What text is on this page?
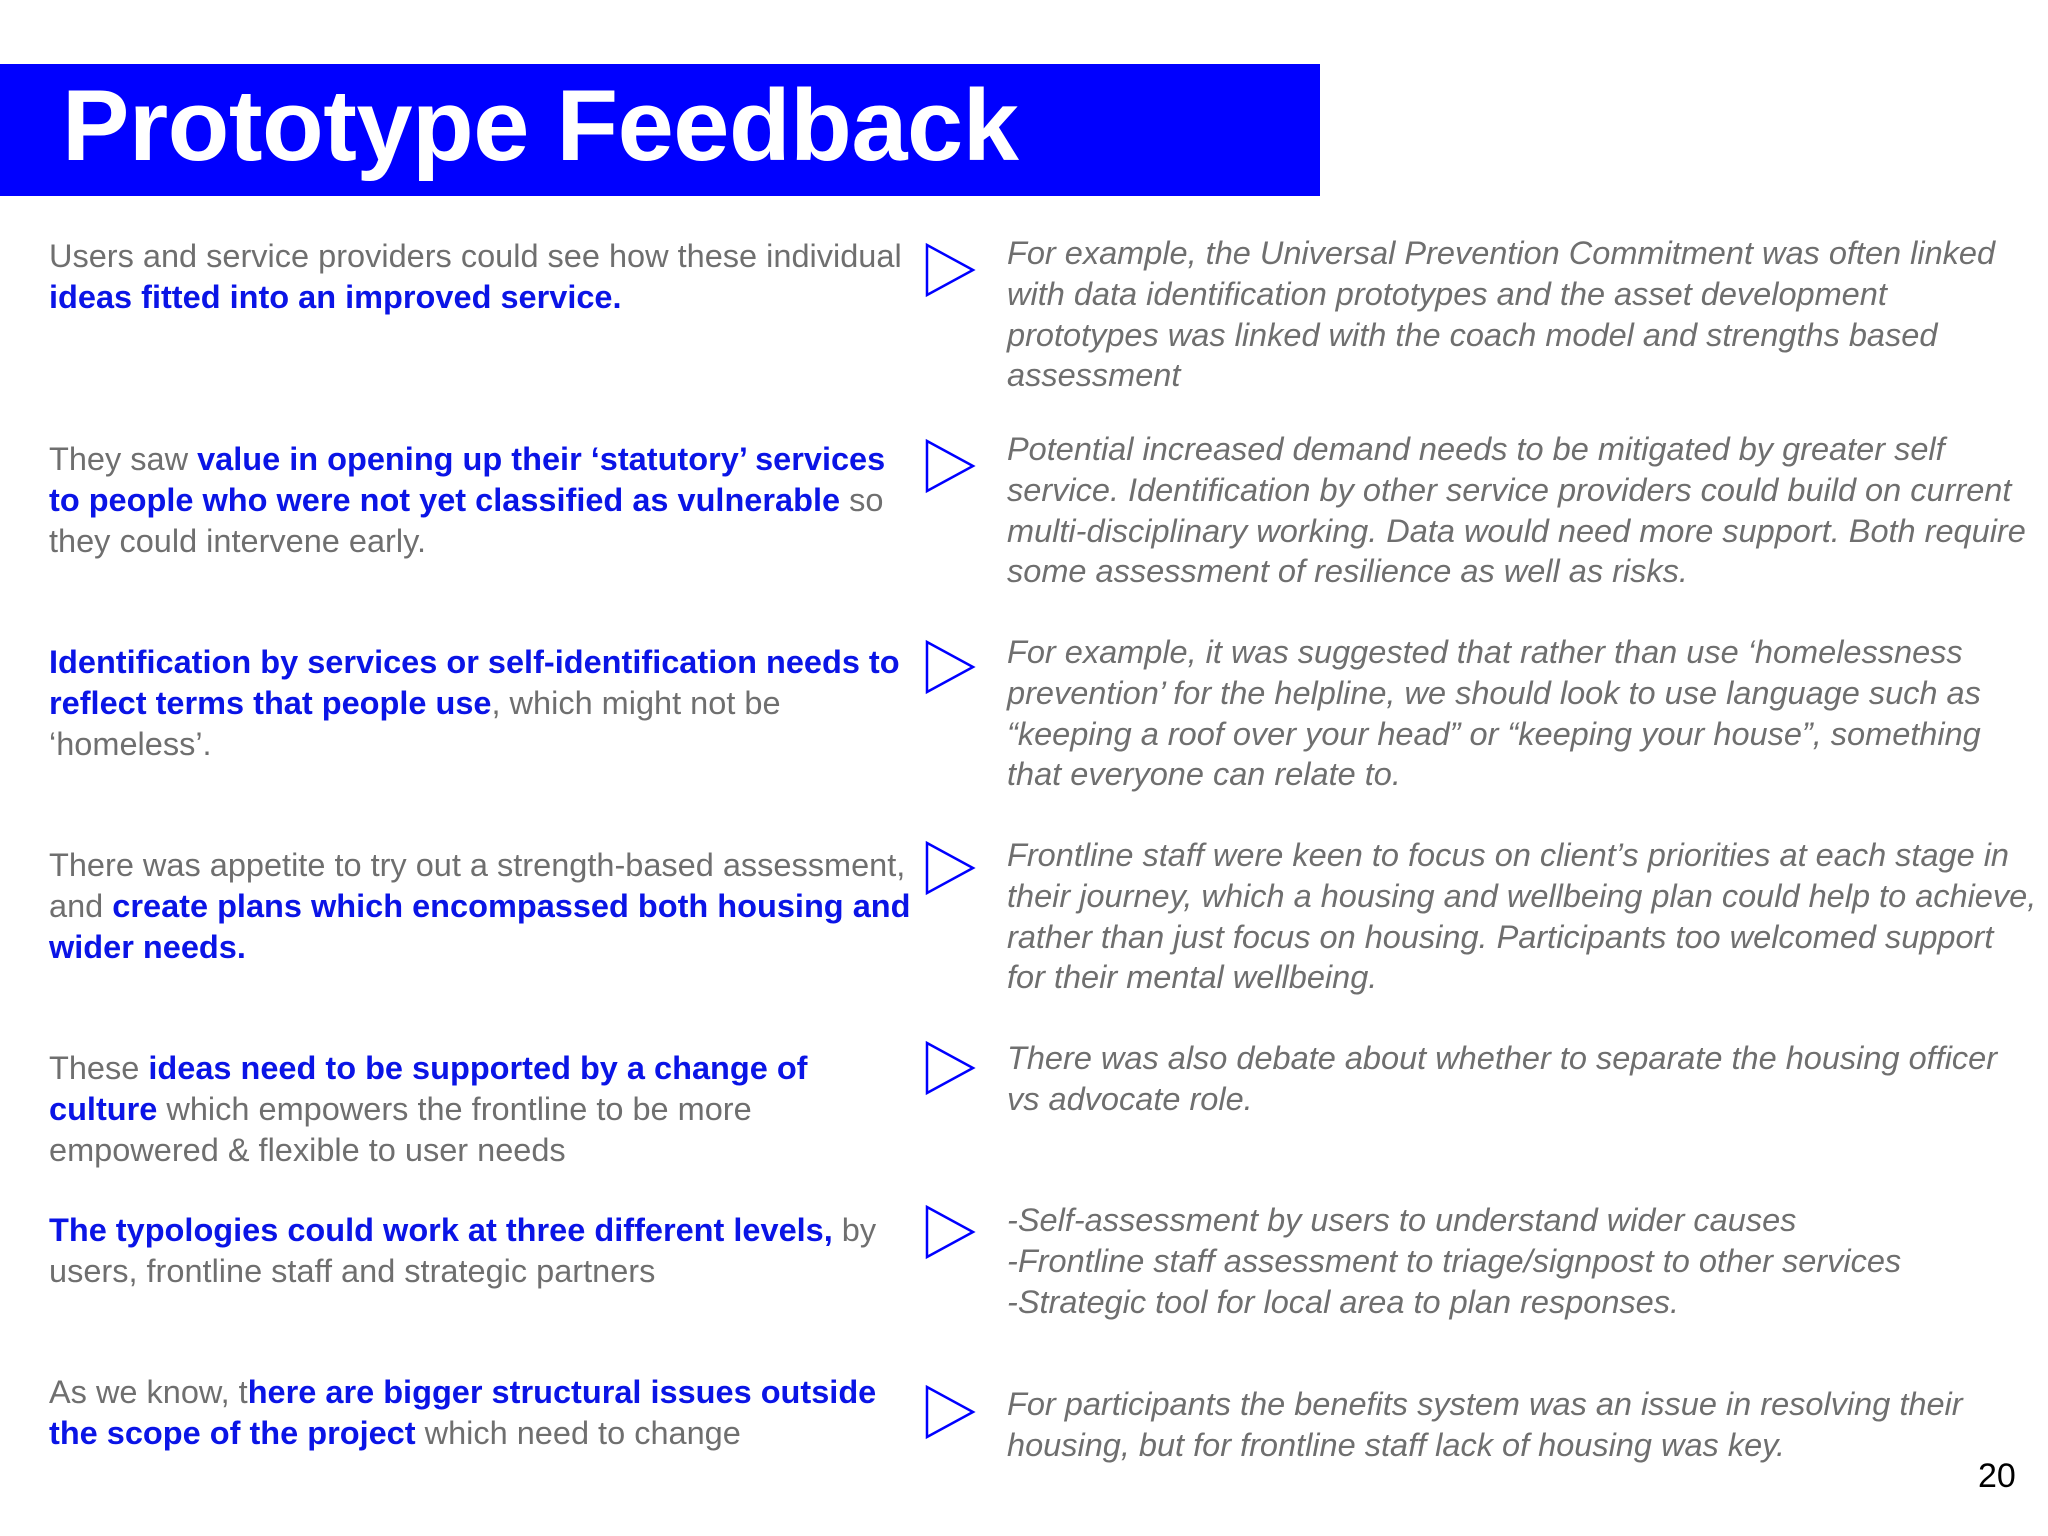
Prototype Feedback
Users and service providers could see how these individual ideas fitted into an improved service.
For example, the Universal Prevention Commitment was often linked with data identification prototypes and the asset development prototypes was linked with the coach model and strengths based assessment
They saw value in opening up their ‘statutory’ services to people who were not yet classified as vulnerable so they could intervene early.
Potential increased demand needs to be mitigated by greater self service. Identification by other service providers could build on current multi-disciplinary working. Data would need more support. Both require some assessment of resilience as well as risks.
Identification by services or self-identification needs to reflect terms that people use, which might not be ‘homeless’.
For example, it was suggested that rather than use ‘homelessness prevention’ for the helpline, we should look to use language such as “keeping a roof over your head” or “keeping your house”, something that everyone can relate to.
There was appetite to try out a strength-based assessment, and create plans which encompassed both housing and wider needs.
Frontline staff were keen to focus on client’s priorities at each stage in their journey, which a housing and wellbeing plan could help to achieve, rather than just focus on housing. Participants too welcomed support for their mental wellbeing.
These ideas need to be supported by a change of culture which empowers the frontline to be more empowered & flexible to user needs
There was also debate about whether to separate the housing officer vs advocate role.
The typologies could work at three different levels, by users, frontline staff and strategic partners
-Self-assessment by users to understand wider causes
-Frontline staff assessment to triage/signpost to other services
-Strategic tool for local area to plan responses.
As we know, there are bigger structural issues outside the scope of the project which need to change
For participants the benefits system was an issue in resolving their housing, but for frontline staff lack of housing was key.
20
